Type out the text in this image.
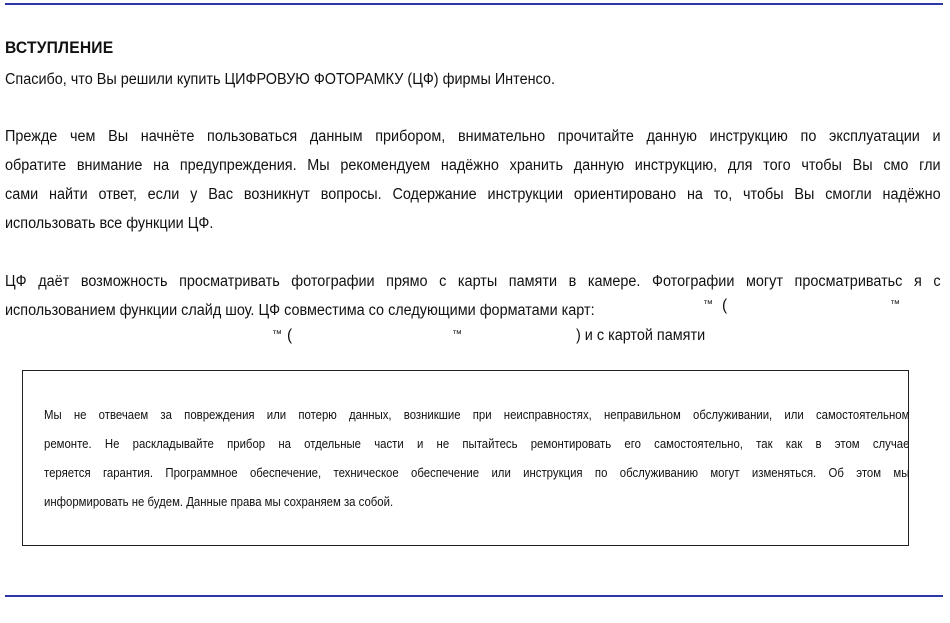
ВСТУПЛЕНИЕ
Спасибо, что Вы решили купить ЦИФРОВУЮ ФОТОРАМКУ (ЦФ) фирмы Интенсо.
Прежде чем Вы начнёте пользоваться данным прибором, внимательно прочитайте данную инструкцию по эксплуатации и
обратите внимание на предупреждения. Мы рекомендуем надёжно хранить данную инструкцию, для того чтобы Вы смо гли
сами найти ответ, если у Вас возникнут вопросы. Содержание инструкции ориентировано на то, чтобы Вы смогли надёжно
использовать все функции ЦФ.
ЦФ даёт возможность просматривать фотографии прямо с карты памяти в камере. Фотографии могут просматриватьс я с
использованием функции слайд шоу. ЦФ совместима со следующими форматами карт:	™ (	™
™ (	™	) и с картой памяти
Мы не отвечаем за повреждения или потерю данных, возникшие при неисправностях, неправильном обслуживании, или самостоятельном
ремонте. Не раскладывайте прибор на отдельные части и не пытайтесь ремонтировать его самостоятельно, так как в этом случае
теряется гарантия. Программное обеспечение, техническое обеспечение или инструкция по обслуживанию могут изменяться. Об этом мы
информировать не будем. Данные права мы сохраняем за собой.
